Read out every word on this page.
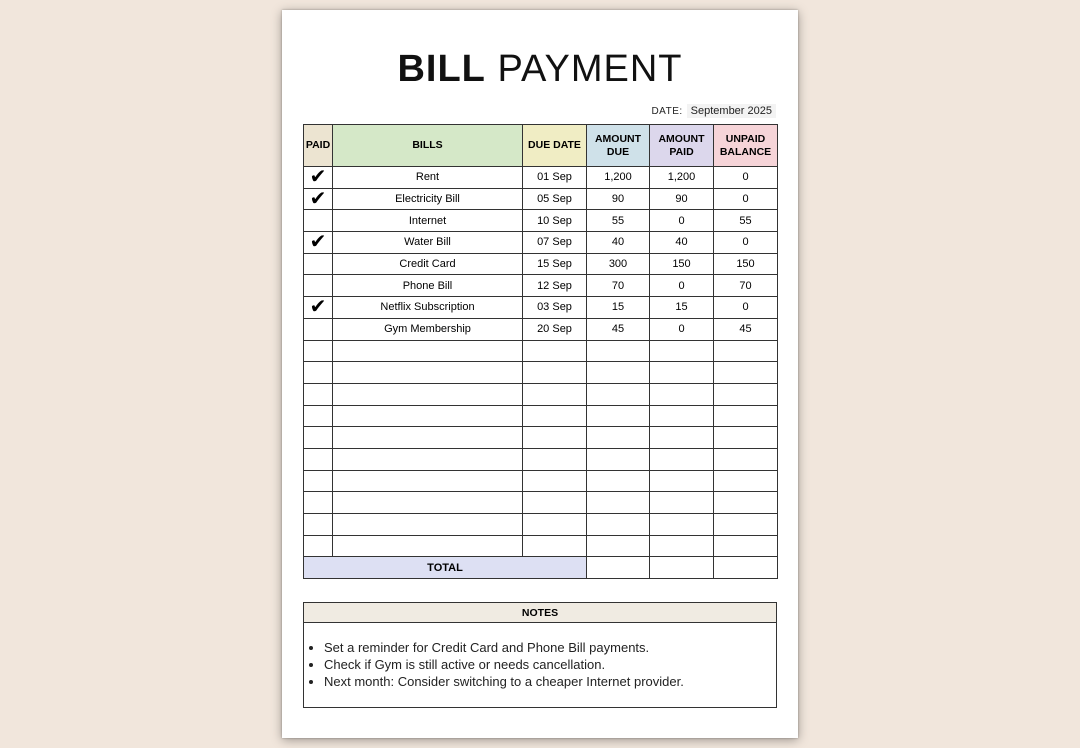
BILL PAYMENT
DATE: September 2025
PAID	BILLS	DUE DATE	AMOUNT DUE	AMOUNT PAID	UNPAID BALANCE
✔	Rent	01 Sep	1,200	1,200	0
✔	Electricity Bill	05 Sep	90	90	0
	Internet	10 Sep	55	0	55
✔	Water Bill	07 Sep	40	40	0
	Credit Card	15 Sep	300	150	150
	Phone Bill	12 Sep	70	0	70
✔	Netflix Subscription	03 Sep	15	15	0
	Gym Membership	20 Sep	45	0	45

TOTAL					
NOTES
• Set a reminder for Credit Card and Phone Bill payments.
• Check if Gym is still active or needs cancellation.
• Next month: Consider switching to a cheaper Internet provider.
